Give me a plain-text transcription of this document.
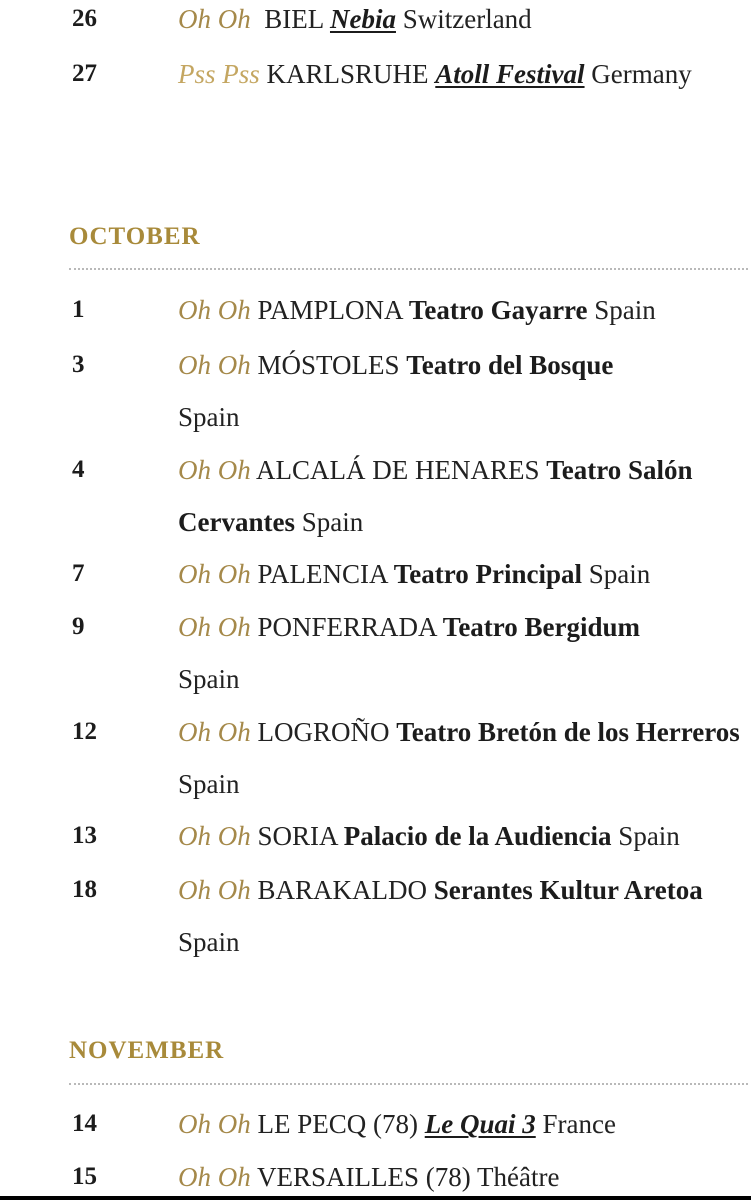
26	Oh Oh BIEL Nebia Switzerland
27	Pss Pss KARLSRUHE Atoll Festival Germany
OCTOBER
1	Oh Oh PAMPLONA Teatro Gayarre Spain
3	Oh Oh MÓSTOLES Teatro del Bosque
Spain
4	Oh Oh ALCALÁ DE HENARES Teatro Salón Cervantes Spain
7	Oh Oh PALENCIA Teatro Principal Spain
9	Oh Oh PONFERRADA Teatro Bergidum
Spain
12	Oh Oh LOGROÑO Teatro Bretón de los Herreros Spain
13	Oh Oh SORIA Palacio de la Audiencia Spain
18	Oh Oh BARAKALDO Serantes Kultur Aretoa Spain
NOVEMBER
14	Oh Oh LE PECQ (78) Le Quai 3 France
15	Oh Oh VERSAILLES (78) Théâtre
